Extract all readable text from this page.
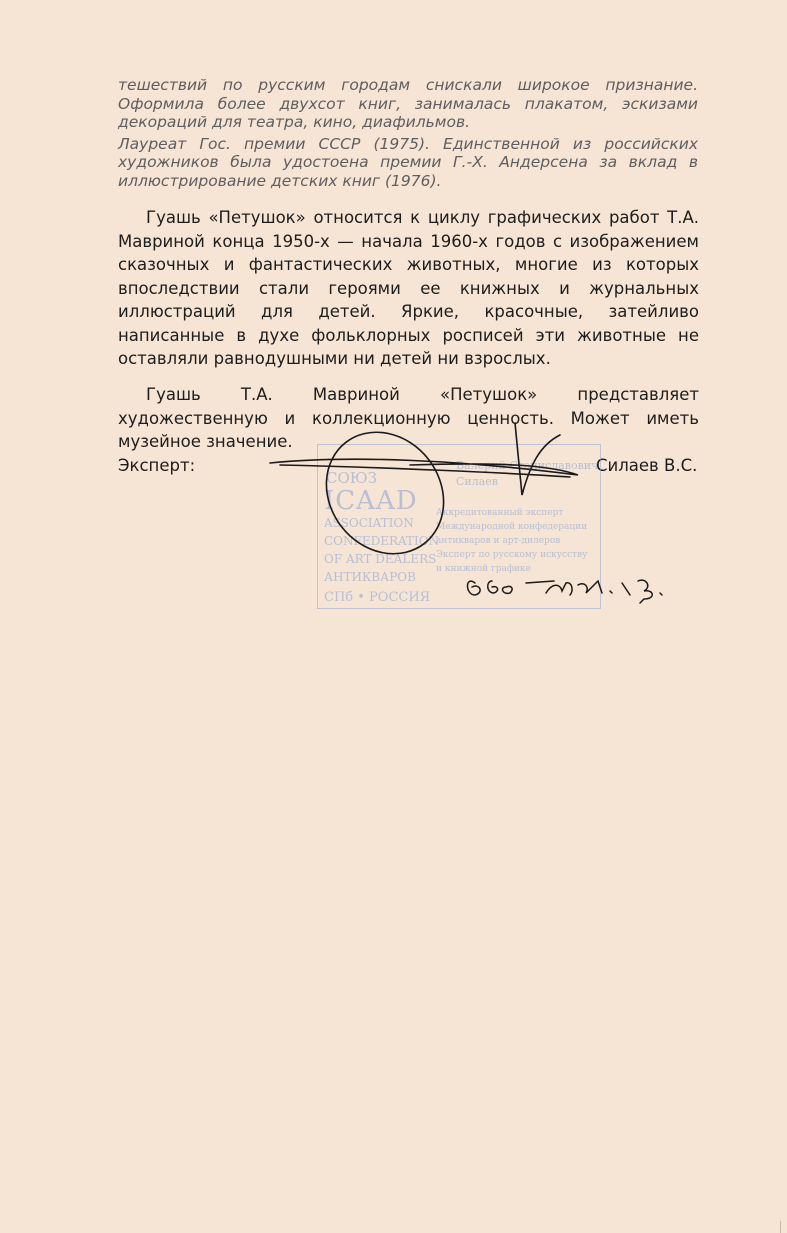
тешествий по русским городам снискали широкое признание. Оформила более двухсот книг, занималась плакатом, эскизами декораций для театра, кино, диафильмов.

Лауреат Гос. премии СССР (1975). Единственной из российских художников была удостоена премии Г.-Х. Андерсена за вклад в иллюстрирование детских книг (1976).

Гуашь «Петушок» относится к циклу графических работ Т.А. Мавриной конца 1950-х — начала 1960-х годов с изображением сказочных и фантастических животных, многие из которых впоследствии стали героями ее книжных и журнальных иллюстраций для детей. Яркие, красочные, затейливо написанные в духе фольклорных росписей эти животные не оставляли равнодушными ни детей ни взрослых.

Гуашь Т.А. Мавриной «Петушок» представляет художественную и коллекционную ценность. Может иметь музейное значение.

Эксперт:	Силаев В.С.
СОЮЗ
ICAAD
ASSOCIATION
CONFEDERATION
OF ART DEALERS
АНТИКВАРОВ
СПб • РОССИЯ
Валерий Станиславович
Силаев
Аккредитованный эксперт
Международной конфедерации
антикваров и арт-дилеров
Эксперт по русскому искусству
и книжной графике
